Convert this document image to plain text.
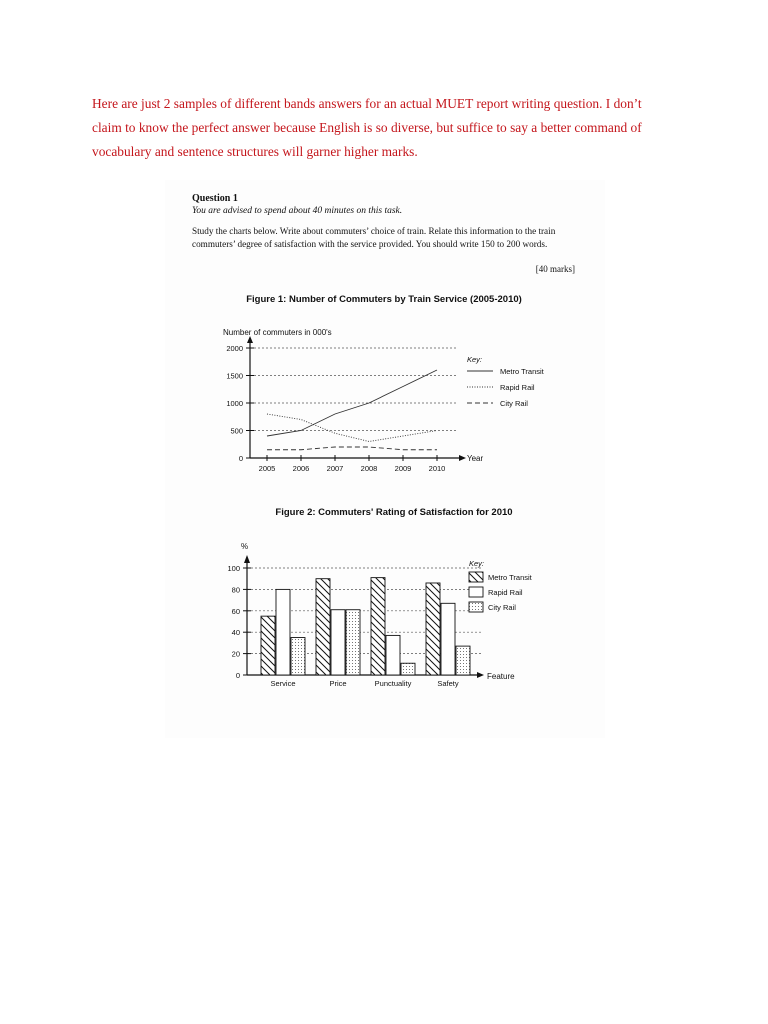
Here are just 2 samples of different bands answers for an actual MUET report writing question. I don’t

claim to know the perfect answer because English is so diverse, but suffice to say a better command of

vocabulary and sentence structures will garner higher marks.

Question 1
You are advised to spend about 40 minutes on this task.
Study the charts below. Write about commuters’ choice of train. Relate this information to the train commuters’ degree of satisfaction with the service provided. You should write 150 to 200 words.
[40 marks]
0
500
1000
1500
2000
2005 2006 2007 2008 2009 2010
Key:
Metro Transit
Rapid Rail
City Rail
Figure 1: Number of Commuters by Train Service (2005-2010)
Number of commuters in 000's
Year
0
20
40
60
80
100
Service	Price	Punctuality	Safety
Key:
Metro Transit
Rapid Rail
City Rail
Figure 2: Commuters' Rating of Satisfaction for 2010
%
Feature
